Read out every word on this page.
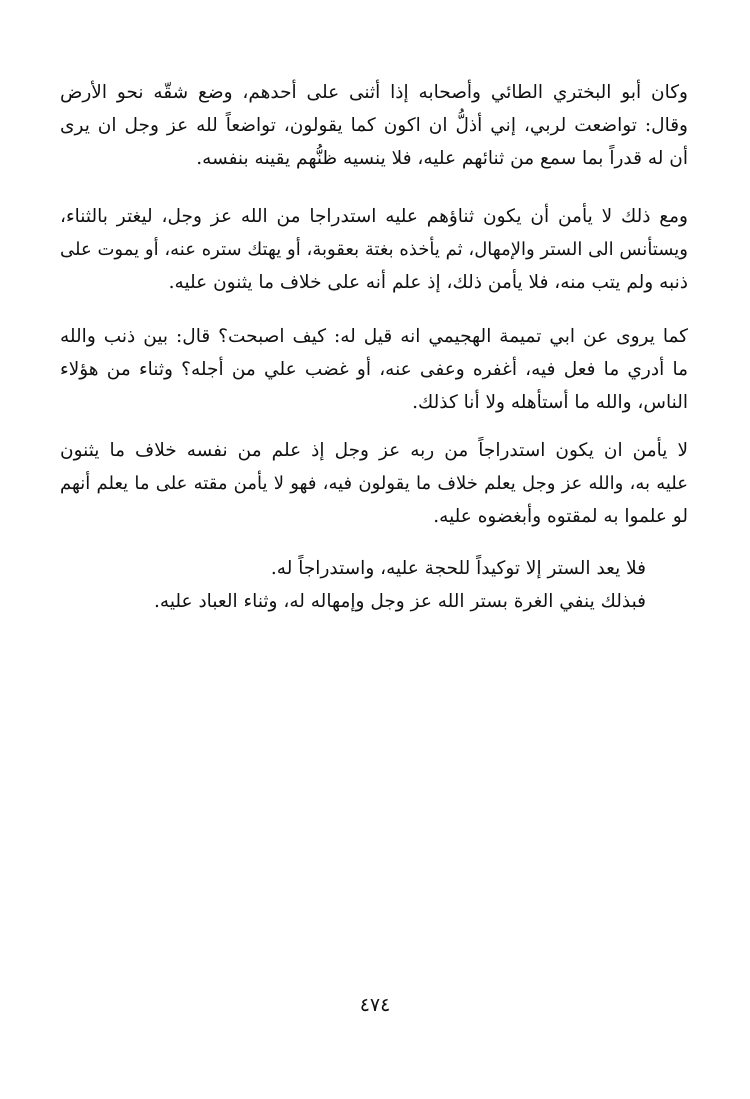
وكان أبو البختري الطائي وأصحابه إذا أثنى على أحدهم، وضع شقّه نحو الأرض
وقال: تواضعت لربي، إني أذلُّ ان اكون كما يقولون، تواضعاً لله عز وجل ان يرى
أن له قدراً بما سمع من ثنائهم عليه، فلا ينسيه ظنُّهم يقينه بنفسه.
ومع ذلك لا يأمن أن يكون ثناؤهم عليه استدراجا من الله عز وجل، ليغتر بالثناء،
ويستأنس الى الستر والإمهال، ثم يأخذه بغتة بعقوبة، أو يهتك ستره عنه، أو يموت على
ذنبه ولم يتب منه، فلا يأمن ذلك، إذ علم أنه على خلاف ما يثنون عليه.
كما يروى عن ابي تميمة الهجيمي انه قيل له: كيف اصبحت؟ قال: بين ذنب والله
ما أدري ما فعل فيه، أغفره وعفى عنه، أو غضب علي من أجله؟ وثناء من هؤلاء
الناس، والله ما أستأهله ولا أنا كذلك.
لا يأمن ان يكون استدراجاً من ربه عز وجل إذ علم من نفسه خلاف ما يثنون
عليه به، والله عز وجل يعلم خلاف ما يقولون فيه، فهو لا يأمن مقته على ما يعلم أنهم
لو علموا به لمقتوه وأبغضوه عليه.
فلا يعد الستر إلا توكيداً للحجة عليه، واستدراجاً له.
فبذلك ينفي الغرة بستر الله عز وجل وإمهاله له، وثناء العباد عليه.
٤٧٤
